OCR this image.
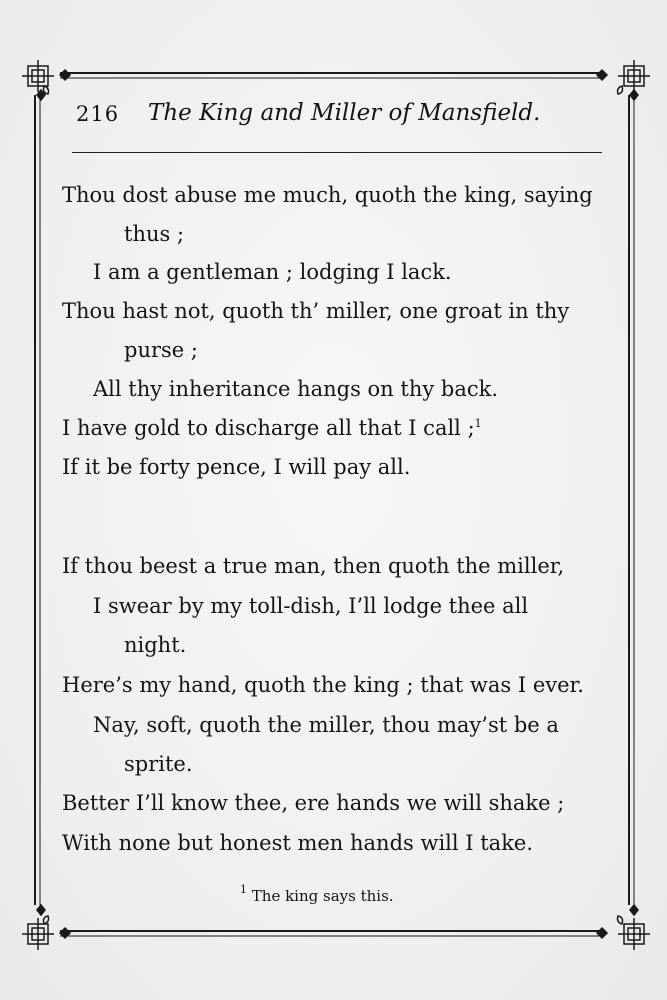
216 The King and Miller of Mansfield.
Thou dost abuse me much, quoth the king, saying
thus ;
I am a gentleman ; lodging I lack.
Thou hast not, quoth th’ miller, one groat in thy
purse ;
All thy inheritance hangs on thy back.
I have gold to discharge all that I call ;$^1$
If it be forty pence, I will pay all.
If thou beest a true man, then quoth the miller,
I swear by my toll-dish, I’ll lodge thee all
night.
Here’s my hand, quoth the king ; that was I ever.
Nay, soft, quoth the miller, thou may’st be a
sprite.
Better I’ll know thee, ere hands we will shake ;
With none but honest men hands will I take.
$^1$ The king says this.
